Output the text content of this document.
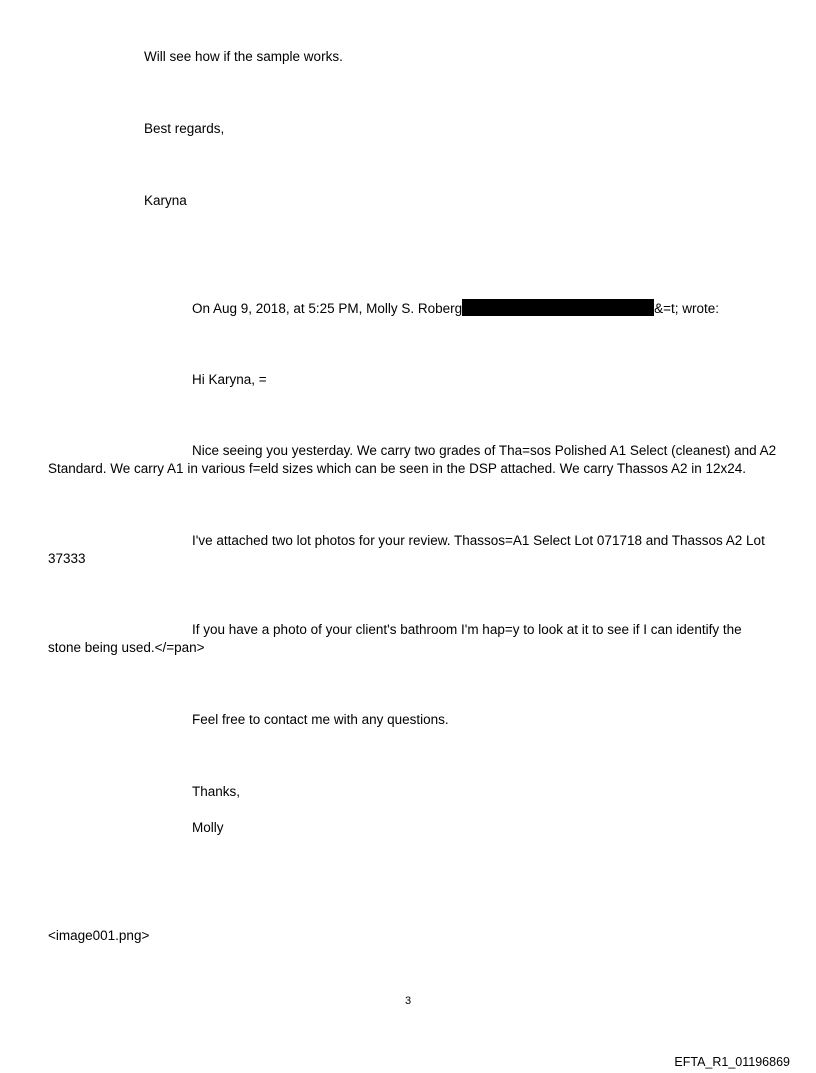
Will see how if the sample works.
Best regards,
Karyna
On Aug 9, 2018, at 5:25 PM, Molly S. Roberg	&=t; wrote:
Hi Karyna, =
Nice seeing you yesterday. We carry two grades of Tha=sos Polished A1 Select (cleanest) and A2 Standard. We carry A1 in various f=eld sizes which can be seen in the DSP attached. We carry Thassos A2 in 12x24.
I've attached two lot photos for your review. Thassos=A1 Select Lot 071718 and Thassos A2 Lot 37333
If you have a photo of your client's bathroom I'm hap=y to look at it to see if I can identify the stone being used.</=pan>
Feel free to contact me with any questions.
Thanks,
Molly
<image001.png>
3
EFTA_R1_01196869
